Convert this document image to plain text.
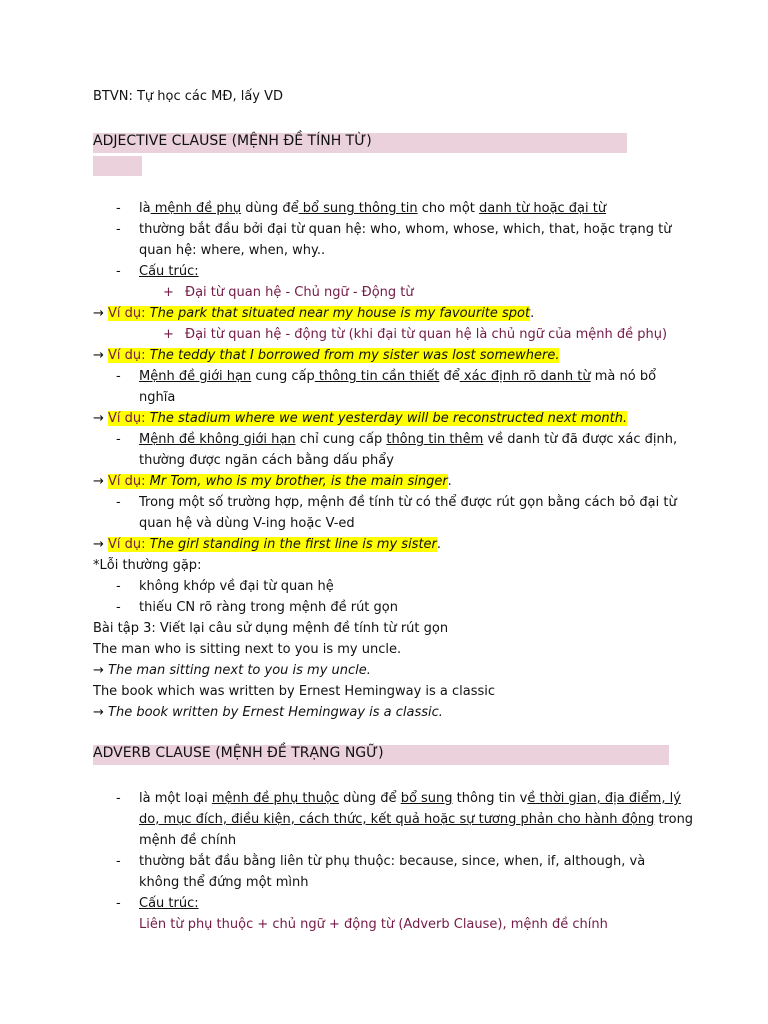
BTVN: Tự học các MĐ, lấy VD
ADJECTIVE CLAUSE (MỆNH ĐỀ TÍNH TỪ)
- là mệnh đề phụ dùng để bổ sung thông tin cho một danh từ hoặc đại từ
- thường bắt đầu bởi đại từ quan hệ: who, whom, whose, which, that, hoặc trạng từ
quan hệ: where, when, why..
- Cấu trúc:
+ Đại từ quan hệ - Chủ ngữ - Động từ
→ Ví dụ: The park that situated near my house is my favourite spot.
+ Đại từ quan hệ - động từ (khi đại từ quan hệ là chủ ngữ của mệnh đề phụ)
→ Ví dụ: The teddy that I borrowed from my sister was lost somewhere.
- Mệnh đề giới hạn cung cấp thông tin cần thiết để xác định rõ danh từ mà nó bổ
nghĩa
→ Ví dụ: The stadium where we went yesterday will be reconstructed next month.
- Mệnh đề không giới hạn chỉ cung cấp thông tin thêm về danh từ đã được xác định,
thường được ngăn cách bằng dấu phẩy
→ Ví dụ: Mr Tom, who is my brother, is the main singer.
- Trong một số trường hợp, mệnh đề tính từ có thể được rút gọn bằng cách bỏ đại từ
quan hệ và dùng V-ing hoặc V-ed
→ Ví dụ: The girl standing in the first line is my sister.
*Lỗi thường gặp:
- không khớp về đại từ quan hệ
- thiếu CN rõ ràng trong mệnh đề rút gọn
Bài tập 3: Viết lại câu sử dụng mệnh đề tính từ rút gọn
The man who is sitting next to you is my uncle.
→ The man sitting next to you is my uncle.
The book which was written by Ernest Hemingway is a classic
→ The book written by Ernest Hemingway is a classic.
ADVERB CLAUSE (MỆNH ĐỀ TRẠNG NGỮ)
- là một loại mệnh đề phụ thuộc dùng để bổ sung thông tin về thời gian, địa điểm, lý
do, mục đích, điều kiện, cách thức, kết quả hoặc sự tương phản cho hành động trong
mệnh đề chính
- thường bắt đầu bằng liên từ phụ thuộc: because, since, when, if, although, và
không thể đứng một mình
- Cấu trúc:
Liên từ phụ thuộc + chủ ngữ + động từ (Adverb Clause), mệnh đề chính
